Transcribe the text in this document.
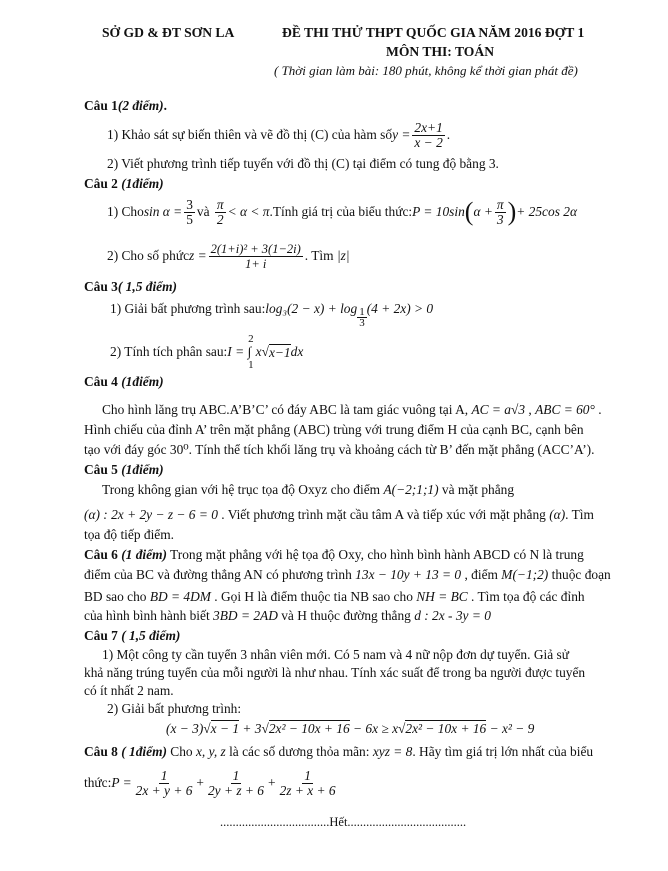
SỞ GD & ĐT SƠN LA	ĐỀ THI THỬ THPT QUỐC GIA NĂM 2016 ĐỢT 1
MÔN THI: TOÁN
( Thời gian làm bài: 180 phút, không kể thời gian phát đề)
Câu 1(2 điểm).
1) Khảo sát sự biến thiên và vẽ đồ thị (C) của hàm số $y = \frac{2x+1}{x - 2}$ .
2) Viết phương trình tiếp tuyến với đồ thị (C) tại điểm có tung độ bằng 3.
Câu 2 (1điểm)
1) Cho $\sin \alpha = \frac{3}{5}$ và
$\frac{\pi}{2} < \alpha < \pi$ .Tính giá trị của biểu thức: P = 10sin ( $\alpha + \frac{\pi}{3}$ ) + 25cos 2α
2) Cho số phức $z = \frac{\text{2(1+i)² + 3(1−2i)}}{1+ i}$ . Tìm
|z|
Câu 3( 1,5 điểm)
1) Giải bất phương trình sau: $\log_3(2 - x) + \log \frac{1}{3} (4 + 2x) > 0$
2) Tính tích phân sau: I = ∫
2
1
x √ x−1 dx
Câu 4 (1điểm)
Cho hình lăng trụ ABC.A’B’C’ có đáy ABC là tam giác vuông tại A, AC = a√3 , ABC = 60° .
Hình chiếu của đỉnh A’ trên mặt phẳng (ABC) trùng với trung điểm H của cạnh BC, cạnh bên
tạo với đáy góc 30⁰. Tính thể tích khối lăng trụ và khoảng cách từ B’ đến mặt phẳng (ACC’A’).
Câu 5 (1điểm)
Trong không gian với hệ trục tọa độ Oxyz cho điểm A(−2;1;1) và mặt phẳng
(α) : 2x + 2y − z − 6 = 0 . Viết phương trình mặt cầu tâm A và tiếp xúc với mặt phẳng (α). Tìm
tọa độ tiếp điểm.
Câu 6 (1 điểm) Trong mặt phẳng với hệ tọa độ Oxy, cho hình bình hành ABCD có N là trung
điểm của BC và đường thẳng AN có phương trình 13x − 10y + 13 = 0 , điểm M(−1;2) thuộc đoạn
BD sao cho BD = 4DM . Gọi H là điểm thuộc tia NB sao cho NH = BC . Tìm tọa độ các đỉnh
của hình bình hành biết 3BD = 2AD và H thuộc đường thẳng d : 2x - 3y = 0
Câu 7 ( 1,5 điểm)
1) Một công ty cần tuyển 3 nhân viên mới. Có 5 nam và 4 nữ nộp đơn dự tuyển. Giả sử
khả năng trúng tuyển của mỗi người là như nhau. Tính xác suất để trong ba người được tuyển
có ít nhất 2 nam.
2) Giải bất phương trình:
(x − 3)√x − 1 + 3√2x² − 10x + 16 − 6x ≥ x√2x² − 10x + 16 − x² − 9
Câu 8 ( 1điểm) Cho x, y, z là các số dương thỏa mãn: xyz = 8. Hãy tìm giá trị lớn nhất của biểu
thức: $P = \frac{1}{2x + y + 6} + \frac{1}{2y + z + 6} + \frac{1}{2z + x + 6}$
...................................Hết......................................
